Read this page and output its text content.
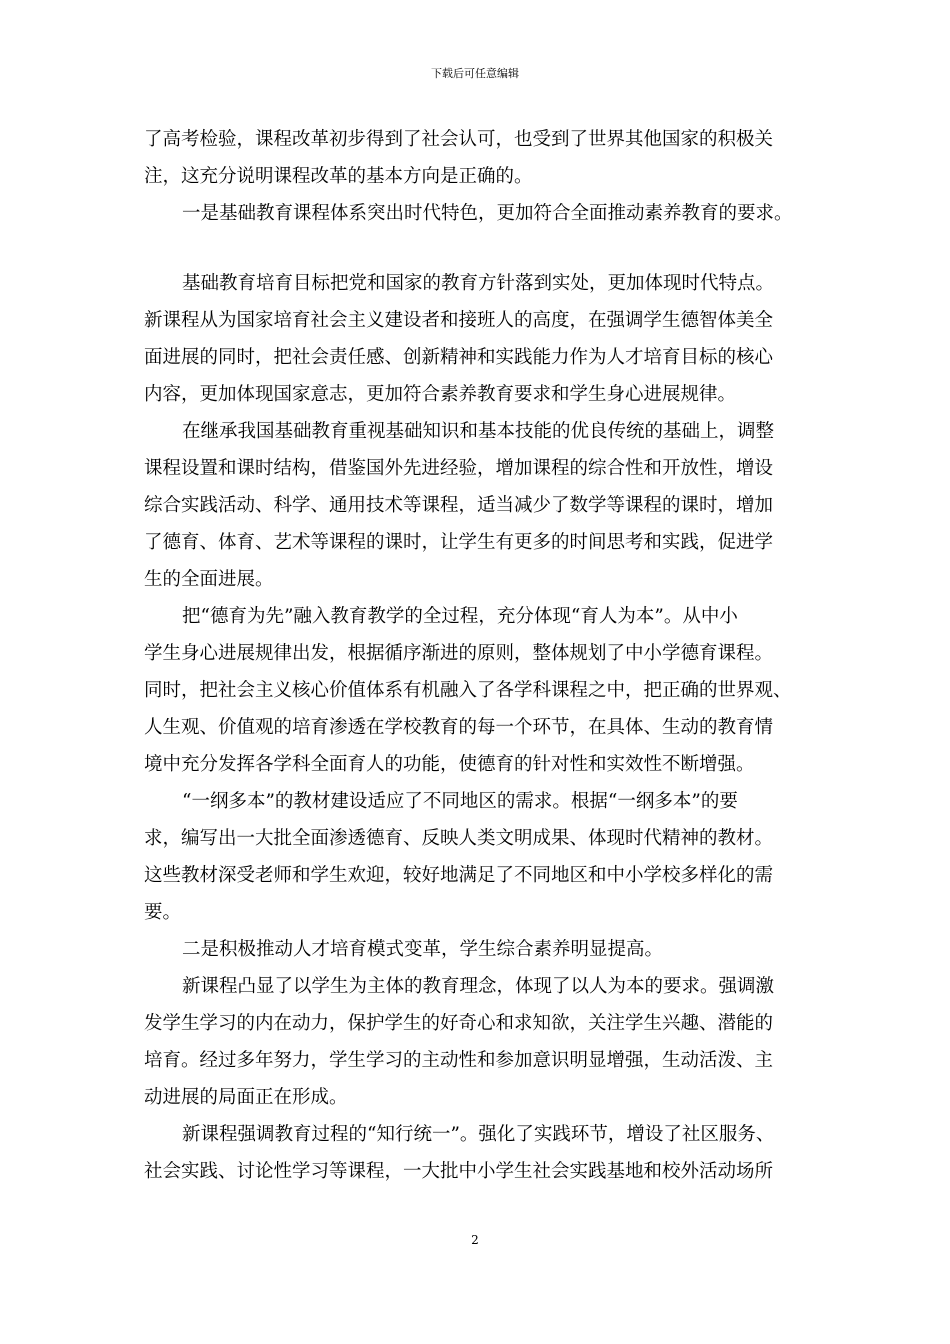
下载后可任意编辑
了高考检验，课程改革初步得到了社会认可，也受到了世界其他国家的积极关
注，这充分说明课程改革的基本方向是正确的。
一是基础教育课程体系突出时代特色，更加符合全面推动素养教育的要求。
基础教育培育目标把党和国家的教育方针落到实处，更加体现时代特点。
新课程从为国家培育社会主义建设者和接班人的高度，在强调学生德智体美全
面进展的同时，把社会责任感、创新精神和实践能力作为人才培育目标的核心
内容，更加体现国家意志，更加符合素养教育要求和学生身心进展规律。
在继承我国基础教育重视基础知识和基本技能的优良传统的基础上，调整
课程设置和课时结构，借鉴国外先进经验，增加课程的综合性和开放性，增设
综合实践活动、科学、通用技术等课程，适当减少了数学等课程的课时，增加
了德育、体育、艺术等课程的课时，让学生有更多的时间思考和实践，促进学
生的全面进展。
把“德育为先”融入教育教学的全过程，充分体现“育人为本”。从中小
学生身心进展规律出发，根据循序渐进的原则，整体规划了中小学德育课程。
同时，把社会主义核心价值体系有机融入了各学科课程之中，把正确的世界观、
人生观、价值观的培育渗透在学校教育的每一个环节，在具体、生动的教育情
境中充分发挥各学科全面育人的功能，使德育的针对性和实效性不断增强。
“一纲多本”的教材建设适应了不同地区的需求。根据“一纲多本”的要
求，编写出一大批全面渗透德育、反映人类文明成果、体现时代精神的教材。
这些教材深受老师和学生欢迎，较好地满足了不同地区和中小学校多样化的需
要。
二是积极推动人才培育模式变革，学生综合素养明显提高。
新课程凸显了以学生为主体的教育理念，体现了以人为本的要求。强调激
发学生学习的内在动力，保护学生的好奇心和求知欲，关注学生兴趣、潜能的
培育。经过多年努力，学生学习的主动性和参加意识明显增强，生动活泼、主
动进展的局面正在形成。
新课程强调教育过程的“知行统一”。强化了实践环节，增设了社区服务、
社会实践、讨论性学习等课程，一大批中小学生社会实践基地和校外活动场所
2
